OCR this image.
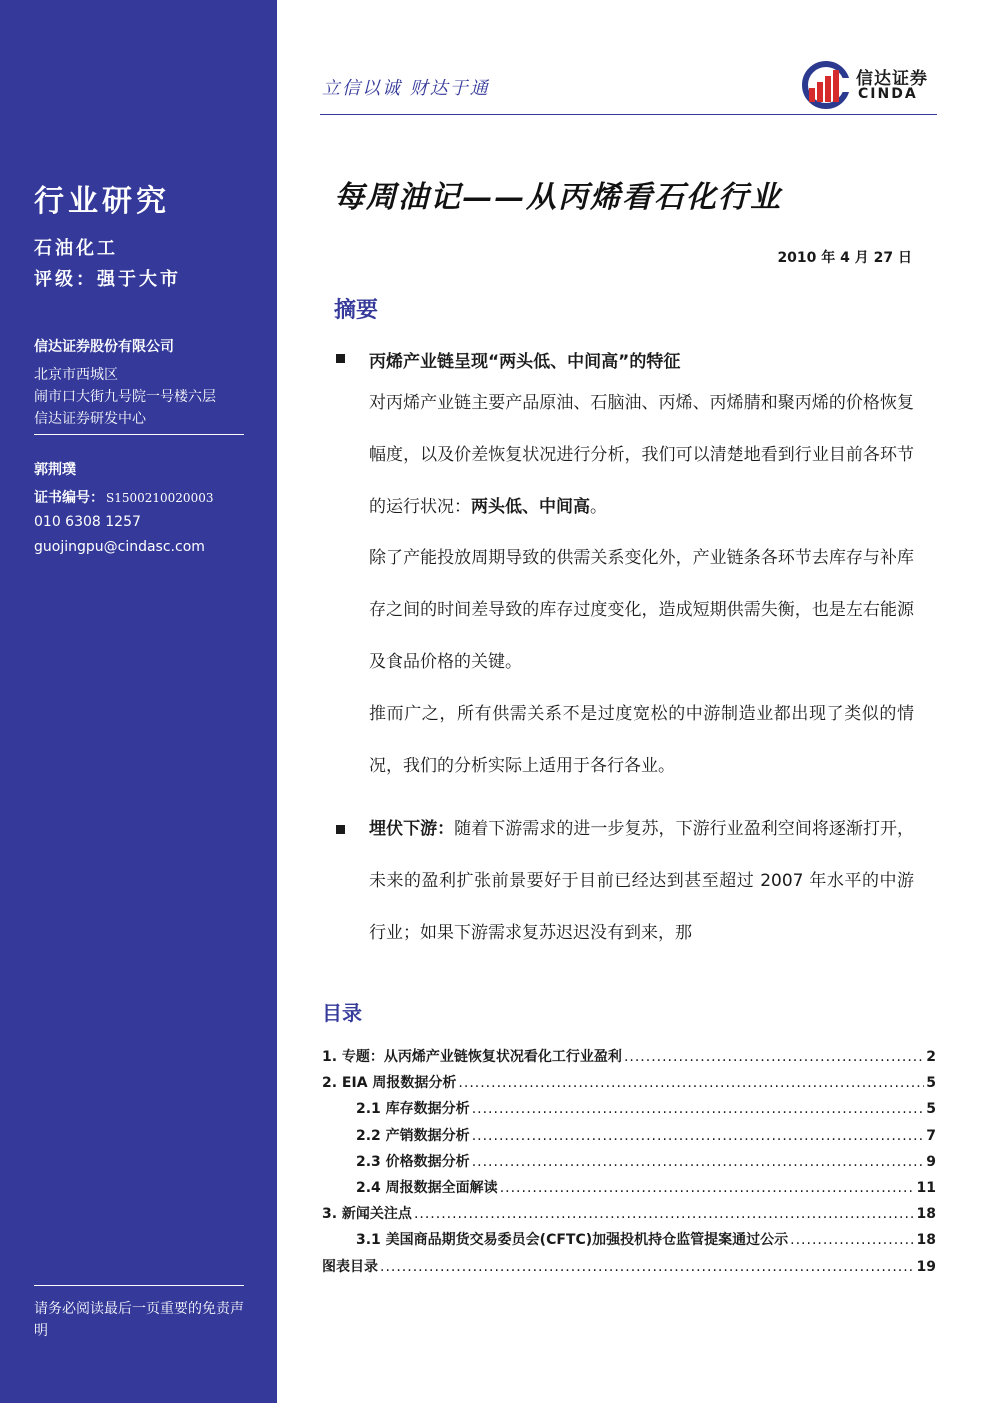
行业研究
石油化工
评级：强于大市
信达证券股份有限公司
北京市西城区
闹市口大街九号院一号楼六层
信达证券研发中心
郭荆璞
证书编号： S1500210020003
010 6308 1257
guojingpu@cindasc.com
请务必阅读最后一页重要的免责声明
立信以诚 财达于通	信达证券
CINDA
每周油记——从丙烯看石化行业
2010 年 4 月 27 日
摘要
丙烯产业链呈现“两头低、中间高”的特征
对丙烯产业链主要产品原油、石脑油、丙烯、丙烯腈和聚丙烯的价格恢复幅度，以及价差恢复状况进行分析，我们可以清楚地看到行业目前各环节的运行状况：两头低、中间高。
除了产能投放周期导致的供需关系变化外，产业链条各环节去库存与补库存之间的时间差导致的库存过度变化，造成短期供需失衡，也是左右能源及食品价格的关键。
推而广之，所有供需关系不是过度宽松的中游制造业都出现了类似的情况，我们的分析实际上适用于各行各业。
埋伏下游：随着下游需求的进一步复苏，下游行业盈利空间将逐渐打开，未来的盈利扩张前景要好于目前已经达到甚至超过 2007 年水平的中游行业；如果下游需求复苏迟迟没有到来，那
目录
1. 专题：从丙烯产业链恢复状况看化工行业盈利 .....	2
2. EIA 周报数据分析 .....	5
2.1 库存数据分析 .....	5
2.2 产销数据分析 .....	7
2.3 价格数据分析 .....	9
2.4 周报数据全面解读 .....	11
3. 新闻关注点 .....	18
3.1 美国商品期货交易委员会(CFTC)加强投机持仓监管提案通过公示 .....	18
图表目录 .....	19
